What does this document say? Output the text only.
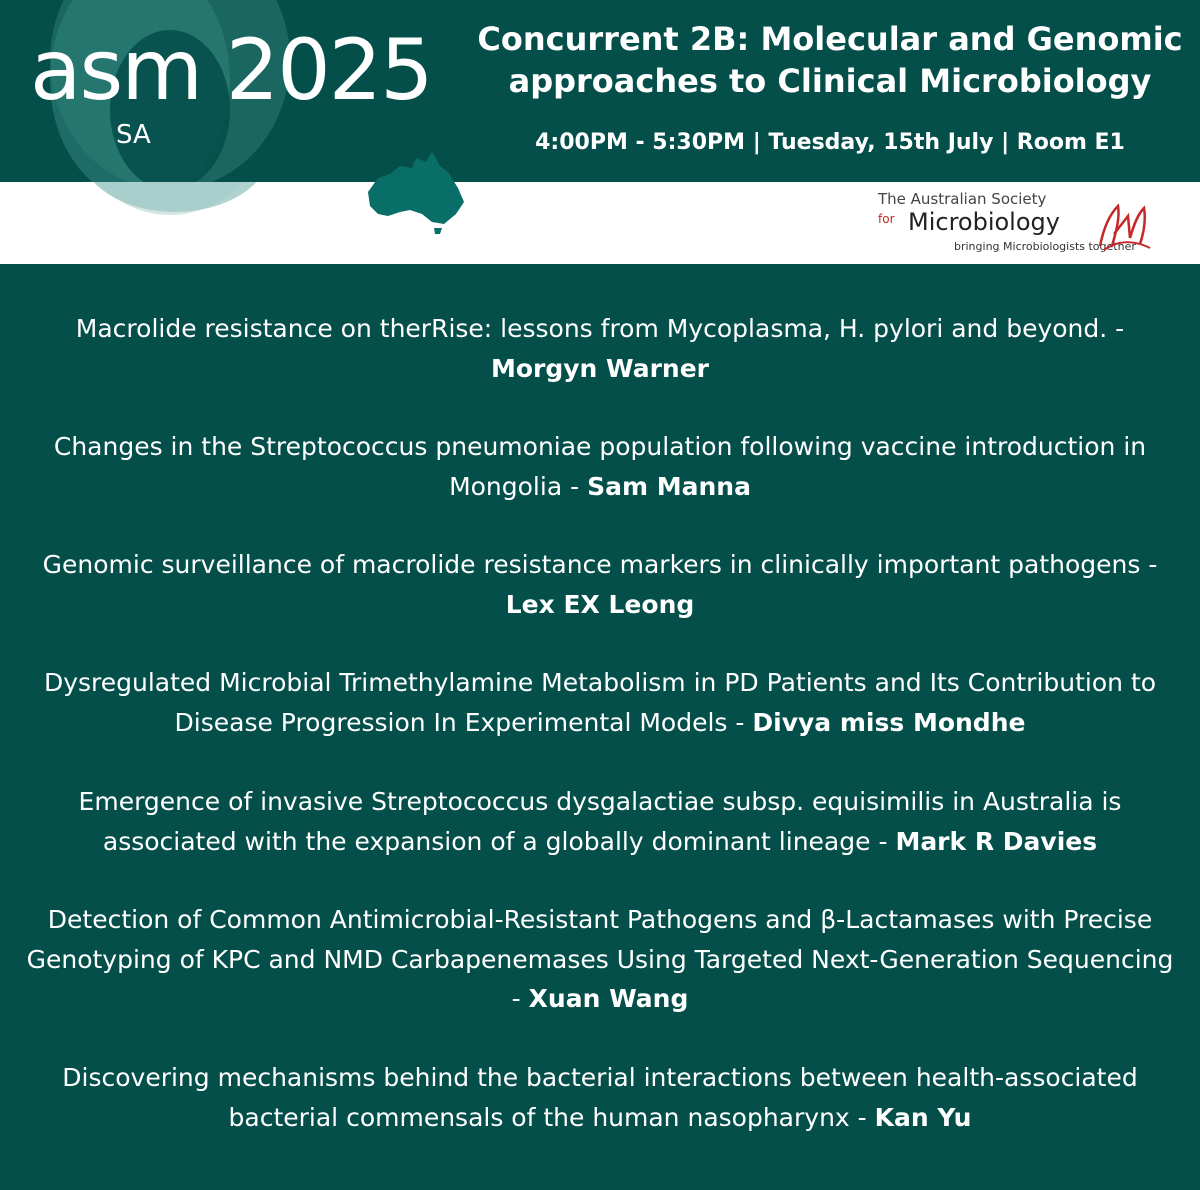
asm 2025
SA

Concurrent 2B: Molecular and Genomic approaches to Clinical Microbiology

4:00PM - 5:30PM | Tuesday, 15th July | Room E1

The Australian Society
for Microbiology
bringing Microbiologists together
Macrolide resistance on therRise: lessons from Mycoplasma, H. pylori and beyond. - Morgyn Warner
Changes in the Streptococcus pneumoniae population following vaccine introduction in Mongolia - Sam Manna
Genomic surveillance of macrolide resistance markers in clinically important pathogens - Lex EX Leong
Dysregulated Microbial Trimethylamine Metabolism in PD Patients and Its Contribution to Disease Progression In Experimental Models - Divya miss Mondhe
Emergence of invasive Streptococcus dysgalactiae subsp. equisimilis in Australia is associated with the expansion of a globally dominant lineage - Mark R Davies
Detection of Common Antimicrobial-Resistant Pathogens and β-Lactamases with Precise Genotyping of KPC and NMD Carbapenemases Using Targeted Next-Generation Sequencing - Xuan Wang
Discovering mechanisms behind the bacterial interactions between health-associated bacterial commensals of the human nasopharynx - Kan Yu
